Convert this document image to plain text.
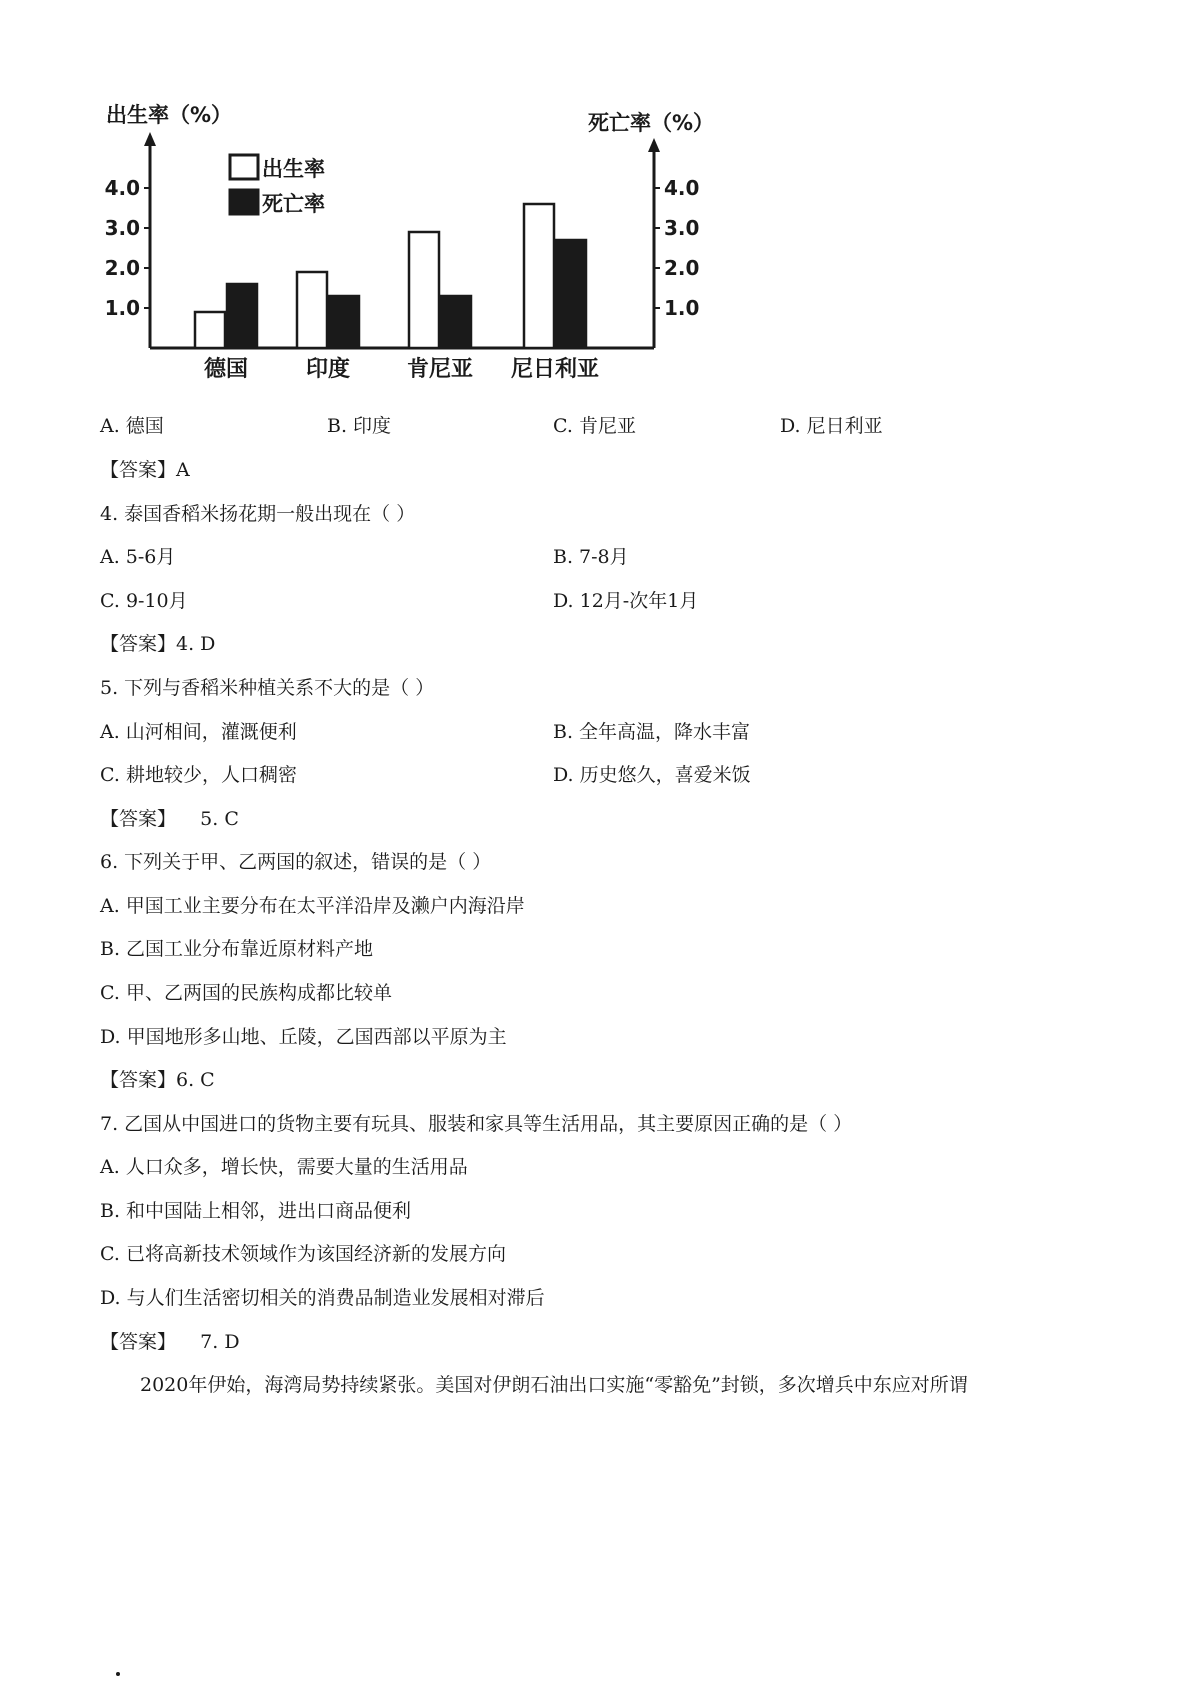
出生率（%）	死亡率（%）
出生率
死亡率
1.0
2.0
3.0
4.0
1.0
2.0
3.0
4.0
德国	印度	肯尼亚 尼日利亚
A. 德国	B. 印度	C. 肯尼亚	D. 尼日利亚
【答案】A
4. 泰国香稻米扬花期一般出现在（ ）
A. 5-6月	B. 7-8月
C. 9-10月	D. 12月-次年1月
【答案】4. D
5. 下列与香稻米种植关系不大的是（ ）
A. 山河相间，灌溉便利	B. 全年高温，降水丰富
C. 耕地较少，人口稠密	D. 历史悠久，喜爱米饭
【答案】    5. C
6. 下列关于甲、乙两国的叙述，错误的是（ ）
A. 甲国工业主要分布在太平洋沿岸及濑户内海沿岸
B. 乙国工业分布靠近原材料产地
C. 甲、乙两国的民族构成都比较单
D. 甲国地形多山地、丘陵，乙国西部以平原为主
【答案】6. C
7. 乙国从中国进口的货物主要有玩具、服装和家具等生活用品，其主要原因正确的是（ ）
A. 人口众多，增长快，需要大量的生活用品
B. 和中国陆上相邻，进出口商品便利
C. 已将高新技术领域作为该国经济新的发展方向
D. 与人们生活密切相关的消费品制造业发展相对滞后
【答案】    7. D
2020年伊始，海湾局势持续紧张。美国对伊朗石油出口实施“零豁免”封锁，多次增兵中东应对所谓
